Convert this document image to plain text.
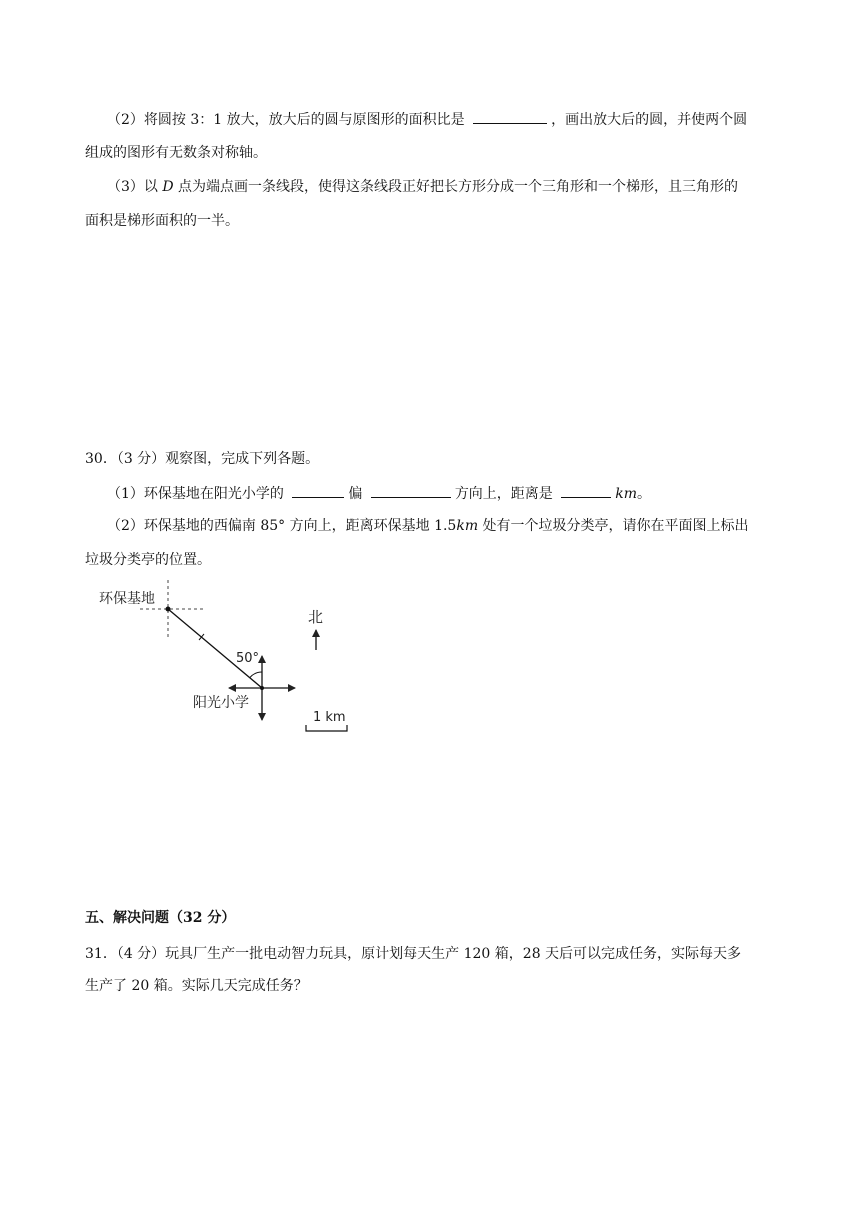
（2）将圆按 3：1 放大，放大后的圆与原图形的面积比是	，画出放大后的圆，并使两个圆
组成的图形有无数条对称轴。
（3）以 D 点为端点画一条线段，使得这条线段正好把长方形分成一个三角形和一个梯形，且三角形的
面积是梯形面积的一半。
30．（3 分）观察图，完成下列各题。
（1）环保基地在阳光小学的	偏	方向上，距离是	km。
（2）环保基地的西偏南 85° 方向上，距离环保基地 1.5km 处有一个垃圾分类亭，请你在平面图上标出
垃圾分类亭的位置。
环保基地
50°
阳光小学
北
1 km
五、解决问题（32 分）
31．（4 分）玩具厂生产一批电动智力玩具，原计划每天生产 120 箱，28 天后可以完成任务，实际每天多
生产了 20 箱。实际几天完成任务？
